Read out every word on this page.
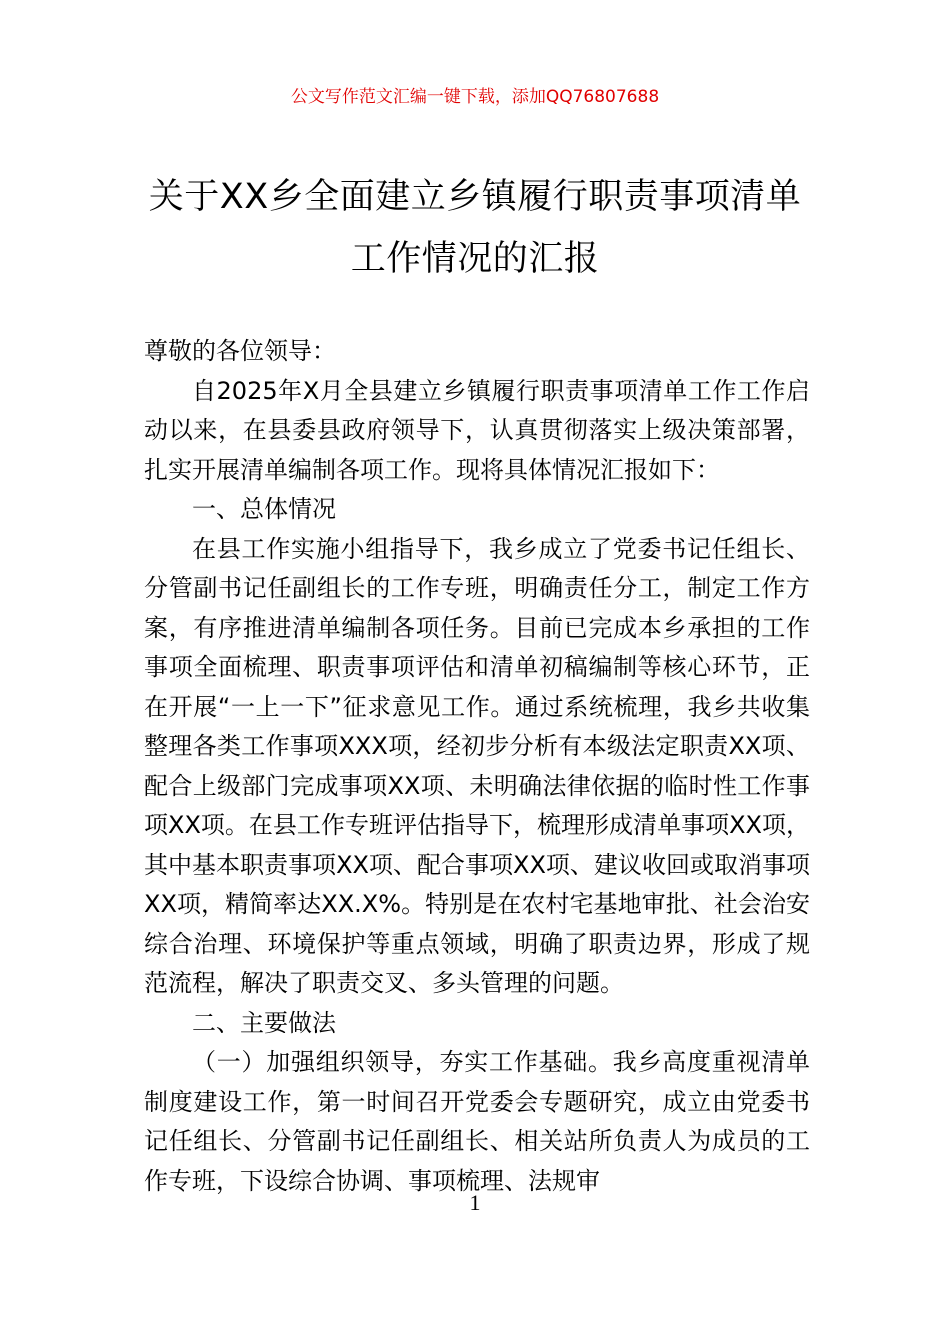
公文写作范文汇编一键下载，添加QQ76807688
关于XX乡全面建立乡镇履行职责事项清单
工作情况的汇报

尊敬的各位领导：

自2025年X月全县建立乡镇履行职责事项清单工作工作启动以来，在县委县政府领导下，认真贯彻落实上级决策部署，扎实开展清单编制各项工作。现将具体情况汇报如下：

一、总体情况

在县工作实施小组指导下，我乡成立了党委书记任组长、分管副书记任副组长的工作专班，明确责任分工，制定工作方案，有序推进清单编制各项任务。目前已完成本乡承担的工作事项全面梳理、职责事项评估和清单初稿编制等核心环节，正在开展“一上一下”征求意见工作。通过系统梳理，我乡共收集整理各类工作事项XXX项，经初步分析有本级法定职责XX项、配合上级部门完成事项XX项、未明确法律依据的临时性工作事项XX项。在县工作专班评估指导下，梳理形成清单事项XX项，其中基本职责事项XX项、配合事项XX项、建议收回或取消事项XX项，精简率达XX.X%。特别是在农村宅基地审批、社会治安综合治理、环境保护等重点领域，明确了职责边界，形成了规范流程，解决了职责交叉、多头管理的问题。

二、主要做法

（一）加强组织领导，夯实工作基础。我乡高度重视清单制度建设工作，第一时间召开党委会专题研究，成立由党委书记任组长、分管副书记任副组长、相关站所负责人为成员的工作专班，下设综合协调、事项梳理、法规审

1
